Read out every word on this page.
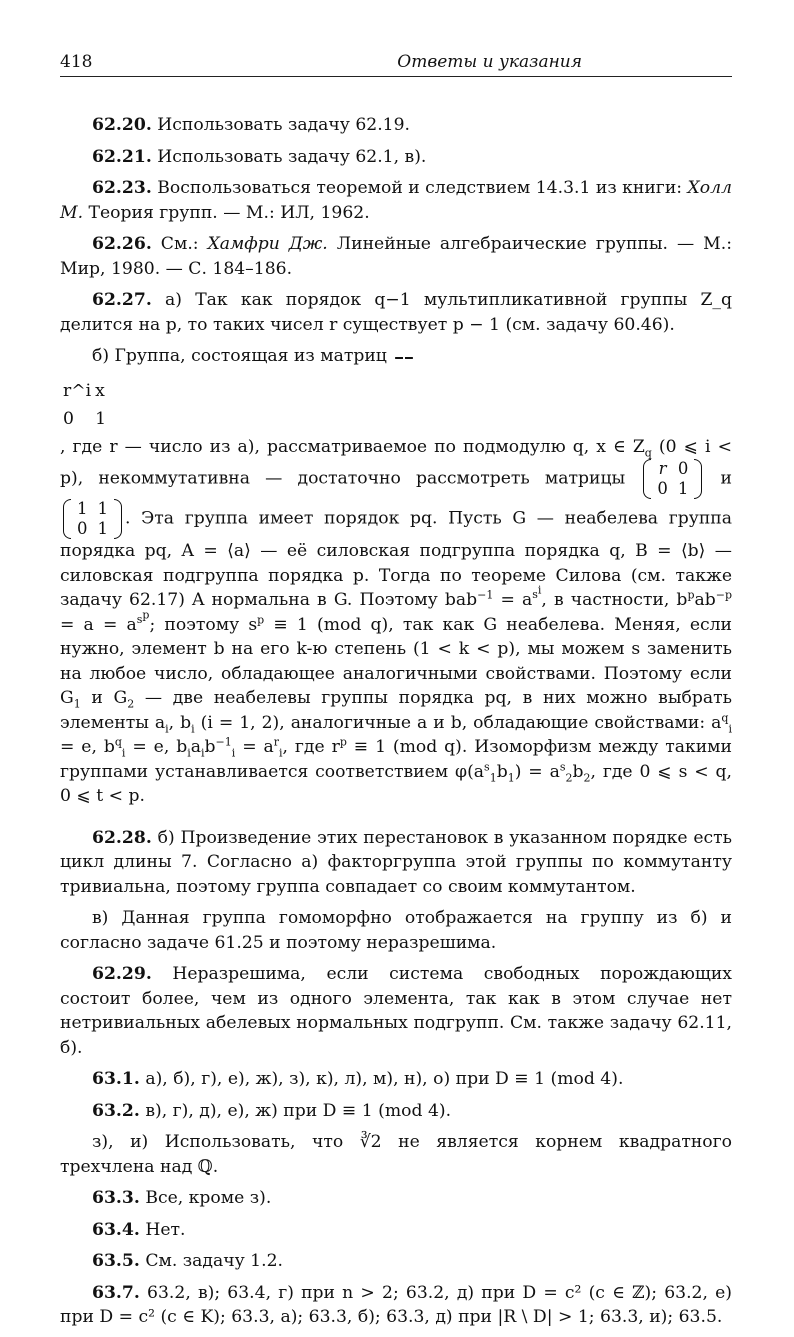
418	Ответы и указания

62.20. Использовать задачу 62.19.

62.21. Использовать задачу 62.1, в).

62.23. Воспользоваться теоремой и следствием 14.3.1 из книги: Холл М. Теория групп. — М.: ИЛ, 1962.

62.26. См.: Хамфри Дж. Линейные алгебраические группы. — М.: Мир, 1980. — С. 184–186.

62.27. а) Так как порядок q−1 мультипликативной группы Z_q делится на p, то таких чисел r существует p − 1 (см. задачу 60.46).

б) Группа, состоящая из матриц

r^i	x
0	1
, где r — число из а), рассматриваемое по подмодулю q, x ∈ $Z_q$ (0 ⩽ i < p), некоммутативна — достаточно рассмотреть матрицы r	0
0	1 и
1	1
0	1 . Эта группа имеет порядок pq. Пусть G — неабелева группа порядка pq, A = ⟨a⟩ — её силовская подгруппа порядка q, B = ⟨b⟩ — силовская подгруппа порядка p. Тогда по теореме Силова (см. также задачу 62.17) A нормальна в G. Поэтому $bab^{-1} = a^{s^i}$, в частности, $b^pab^{-p} = a = a^{s^p}$; поэтому $s^p \equiv 1$ (mod q), так как G неабелева. Меняя, если нужно, элемент b на его k-ю степень (1 < k < p), мы можем s заменить на любое число, обладающее аналогичными свойствами. Поэтому если $G_1$ и $G_2$ — две неабелевы группы порядка pq, в них можно выбрать элементы $a_i$, $b_i$ (i = 1, 2), аналогичные a и b, обладающие свойствами: $a^q_i = e$, $b^q_i = e$, $b_ia_ib^{-1}_i = a^r_i$, где $r^p \equiv 1$ (mod q). Изоморфизм между такими группами устанавливается соответствием $\varphi(a^s_1b_1) = a^s_2b_2$, где 0 ⩽ s < q, 0 ⩽ t < p.

62.28. б) Произведение этих перестановок в указанном порядке есть цикл длины 7. Согласно а) факторгруппа этой группы по коммутанту тривиальна, поэтому группа совпадает со своим коммутантом.

в) Данная группа гомоморфно отображается на группу из б) и согласно задаче 61.25 и поэтому неразрешима.

62.29. Неразрешима, если система свободных порождающих состоит более, чем из одного элемента, так как в этом случае нет нетривиальных абелевых нормальных подгрупп. См. также задачу 62.11, б).

63.1. а), б), г), е), ж), з), к), л), м), н), о) при D ≡ 1 (mod 4).

63.2. в), г), д), е), ж) при D ≡ 1 (mod 4).

з), и) Использовать, что ∛2 не является корнем квадратного трехчлена над ℚ.

63.3. Все, кроме з).

63.4. Нет.

63.5. См. задачу 1.2.

63.7. 63.2, в); 63.4, г) при n > 2; 63.2, д) при D = c² (c ∈ ℤ); 63.2, е) при D = c² (c ∈ K); 63.3, а); 63.3, б); 63.3, д) при |R \ D| > 1; 63.3, и); 63.5.
